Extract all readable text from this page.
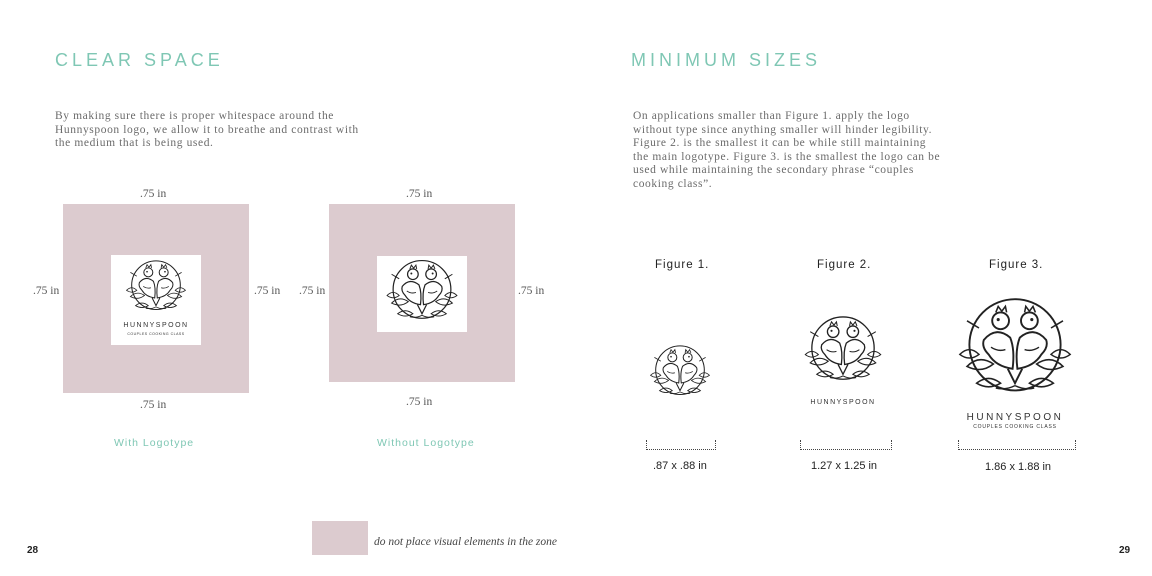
CLEAR SPACE

By making sure there is proper whitespace around the Hunnyspoon logo, we allow it to breathe and contrast with the medium that is being used.

.75 in
.75 in	.75 in
.75 in
HUNNYSPOON
COUPLES COOKING CLASS
With Logotype
.75 in
.75 in	.75 in
.75 in
Without Logotype
do not place visual elements in the zone
28
MINIMUM SIZES

On applications smaller than Figure 1. apply the logo without type since anything smaller will hinder legibility. Figure 2. is the smallest it can be while still maintaining the main logotype. Figure 3. is the smallest the logo can be used while maintaining the secondary phrase “couples cooking class”.

Figure 1.
.87 x .88 in
Figure 2.
HUNNYSPOON
1.27 x 1.25 in
Figure 3.
HUNNYSPOON
COUPLES COOKING CLASS
1.86 x 1.88 in
29
